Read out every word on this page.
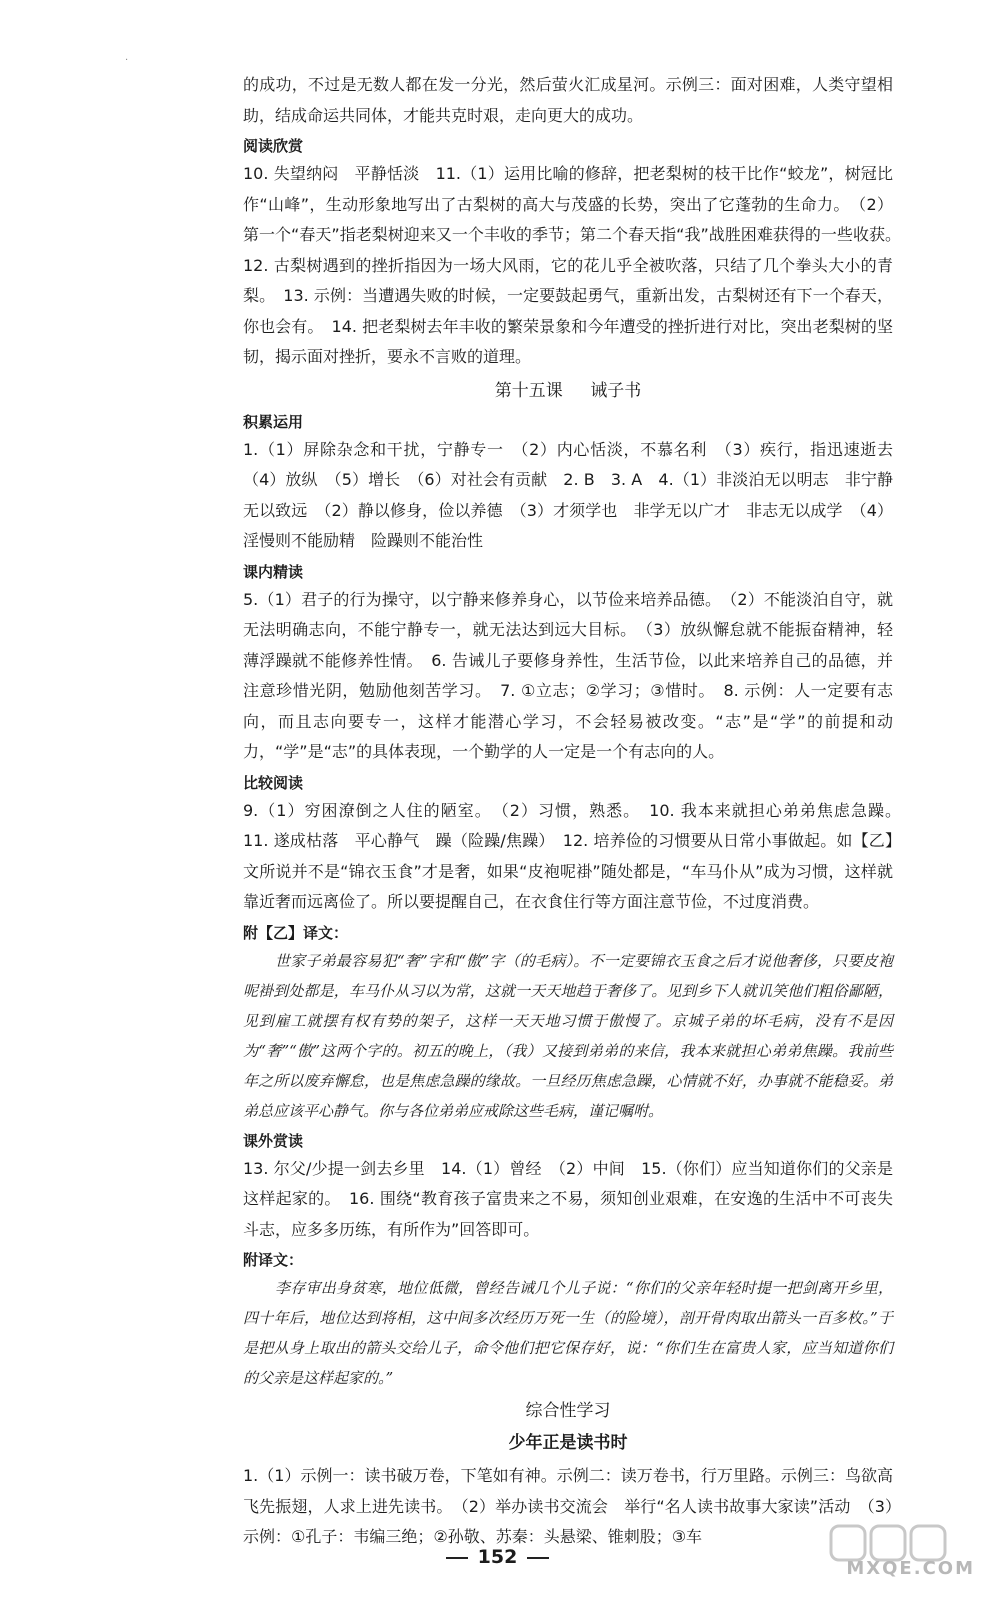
·

的成功，不过是无数人都在发一分光，然后萤火汇成星河。示例三：面对困难，人类守望相助，结成命运共同体，才能共克时艰，走向更大的成功。

阅读欣赏

10. 失望纳闷　平静恬淡　11.（1）运用比喻的修辞，把老梨树的枝干比作“蛟龙”，树冠比作“山峰”，生动形象地写出了古梨树的高大与茂盛的长势，突出了它蓬勃的生命力。　（2）第一个“春天”指老梨树迎来又一个丰收的季节；第二个春天指“我”战胜困难获得的一些收获。　12. 古梨树遇到的挫折指因为一场大风雨，它的花儿乎全被吹落，只结了几个拳头大小的青梨。　13. 示例：当遭遇失败的时候，一定要鼓起勇气，重新出发，古梨树还有下一个春天，你也会有。　14. 把老梨树去年丰收的繁荣景象和今年遭受的挫折进行对比，突出老梨树的坚韧，揭示面对挫折，要永不言败的道理。

第十五课 诫子书
积累运用

1.（1）屏除杂念和干扰，宁静专一　（2）内心恬淡，不慕名利　（3）疾行，指迅速逝去　（4）放纵　（5）增长　（6）对社会有贡献　2. B　3. A　4.（1）非淡泊无以明志　非宁静无以致远　（2）静以修身，俭以养德　（3）才须学也　非学无以广才　非志无以成学　（4）淫慢则不能励精　险躁则不能治性

课内精读

5.（1）君子的行为操守，以宁静来修养身心，以节俭来培养品德。　（2）不能淡泊自守，就无法明确志向，不能宁静专一，就无法达到远大目标。　（3）放纵懈怠就不能振奋精神，轻薄浮躁就不能修养性情。　6. 告诫儿子要修身养性，生活节俭，以此来培养自己的品德，并注意珍惜光阴，勉励他刻苦学习。　7. ①立志；②学习；③惜时。　8. 示例：人一定要有志向，而且志向要专一，这样才能潜心学习，不会轻易被改变。“志”是“学”的前提和动力，“学”是“志”的具体表现，一个勤学的人一定是一个有志向的人。

比较阅读

9.（1）穷困潦倒之人住的陋室。　（2）习惯，熟悉。　10. 我本来就担心弟弟焦虑急躁。　11. 遂成枯落　平心静气　躁（险躁/焦躁）　12. 培养俭的习惯要从日常小事做起。如【乙】文所说并不是“锦衣玉食”才是奢，如果“皮袍呢褂”随处都是，“车马仆从”成为习惯，这样就靠近奢而远离俭了。所以要提醒自己，在衣食住行等方面注意节俭，不过度消费。

附【乙】译文：

世家子弟最容易犯“奢”字和“傲”字（的毛病）。不一定要锦衣玉食之后才说他奢侈，只要皮袍呢褂到处都是，车马仆从习以为常，这就一天天地趋于奢侈了。见到乡下人就讥笑他们粗俗鄙陋，见到雇工就摆有权有势的架子，这样一天天地习惯于傲慢了。京城子弟的坏毛病，没有不是因为“奢”“傲”这两个字的。初五的晚上，（我）又接到弟弟的来信，我本来就担心弟弟焦躁。我前些年之所以废弃懈怠，也是焦虑急躁的缘故。一旦经历焦虑急躁，心情就不好，办事就不能稳妥。弟弟总应该平心静气。你与各位弟弟应戒除这些毛病，谨记嘱咐。

课外赏读

13. 尔父/少提一剑去乡里　14.（1）曾经　（2）中间　15.（你们）应当知道你们的父亲是这样起家的。　16. 围绕“教育孩子富贵来之不易，须知创业艰难，在安逸的生活中不可丧失斗志，应多多历练，有所作为”回答即可。

附译文：

李存审出身贫寒，地位低微，曾经告诫几个儿子说：“你们的父亲年轻时提一把剑离开乡里，四十年后，地位达到将相，这中间多次经历万死一生（的险境），剖开骨肉取出箭头一百多枚。”于是把从身上取出的箭头交给儿子，命令他们把它保存好，说：“你们生在富贵人家，应当知道你们的父亲是这样起家的。”

综合性学习
少年正是读书时

1.（1）示例一：读书破万卷，下笔如有神。示例二：读万卷书，行万里路。示例三：鸟欲高飞先振翅，人求上进先读书。　（2）举办读书交流会　举行“名人读书故事大家读”活动　（3）示例：①孔子：韦编三绝；②孙敬、苏秦：头悬梁、锥刺股；③车

152
MXQE.COM
